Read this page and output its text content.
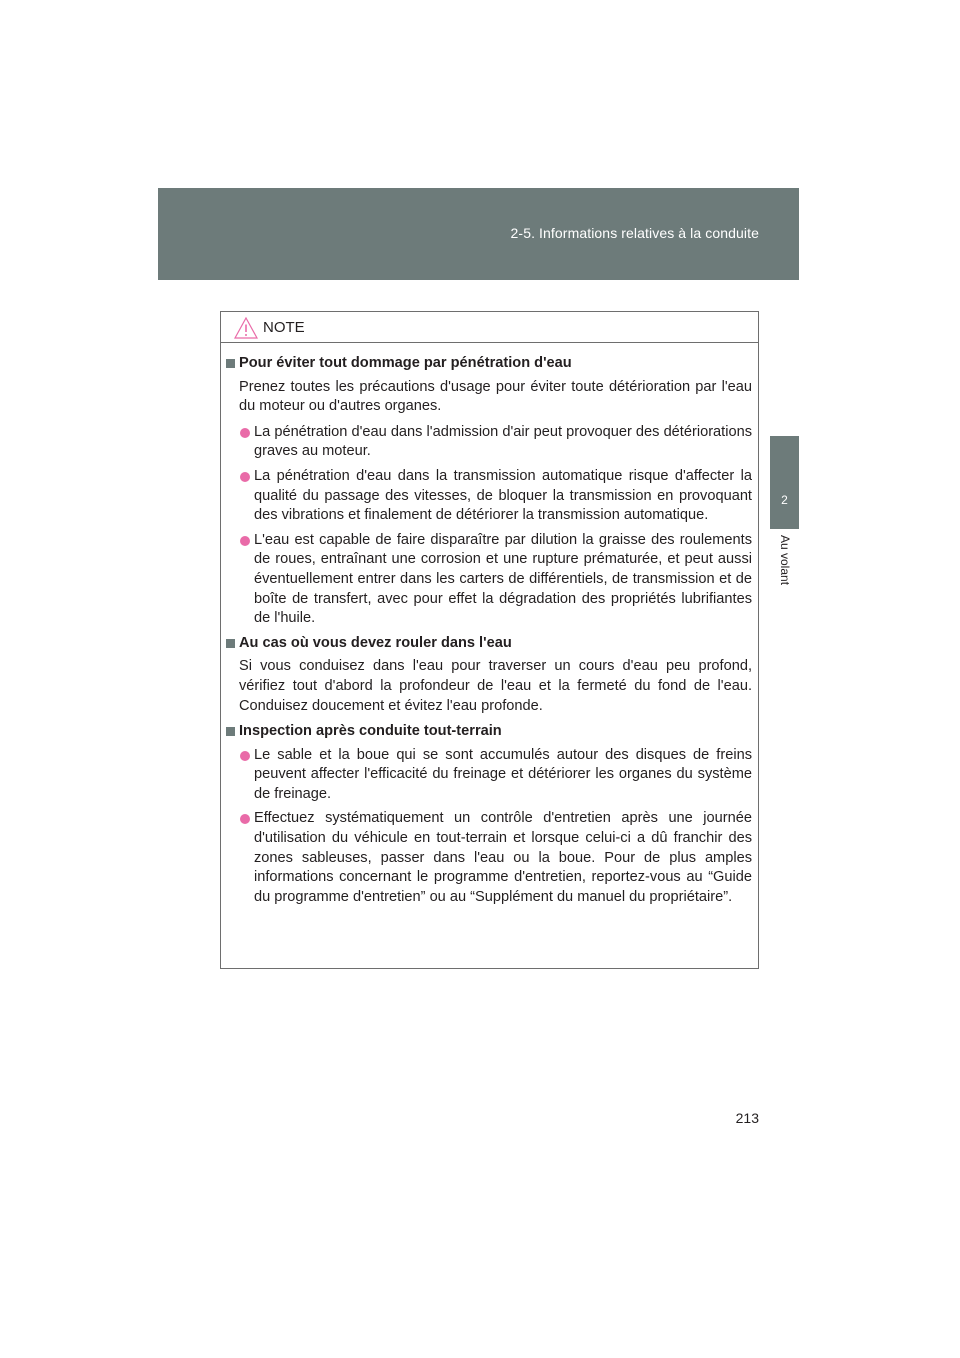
2-5. Informations relatives à la conduite
2
Au volant
NOTE
Pour éviter tout dommage par pénétration d'eau
Prenez toutes les précautions d'usage pour éviter toute détérioration par l'eau du moteur ou d'autres organes.
La pénétration d'eau dans l'admission d'air peut provoquer des détériorations graves au moteur.
La pénétration d'eau dans la transmission automatique risque d'affecter la qualité du passage des vitesses, de bloquer la transmission en provoquant des vibrations et finalement de détériorer la transmission automatique.
L'eau est capable de faire disparaître par dilution la graisse des roulements de roues, entraînant une corrosion et une rupture prématurée, et peut aussi éventuellement entrer dans les carters de différentiels, de transmission et de boîte de transfert, avec pour effet la dégradation des propriétés lubrifiantes de l'huile.
Au cas où vous devez rouler dans l'eau
Si vous conduisez dans l'eau pour traverser un cours d'eau peu profond, vérifiez tout d'abord la profondeur de l'eau et la fermeté du fond de l'eau. Conduisez doucement et évitez l'eau profonde.
Inspection après conduite tout-terrain
Le sable et la boue qui se sont accumulés autour des disques de freins peuvent affecter l'efficacité du freinage et détériorer les organes du système de freinage.
Effectuez systématiquement un contrôle d'entretien après une journée d'utilisation du véhicule en tout-terrain et lorsque celui-ci a dû franchir des zones sableuses, passer dans l'eau ou la boue. Pour de plus amples informations concernant le programme d'entretien, reportez-vous au “Guide du programme d'entretien” ou au “Supplément du manuel du propriétaire”.
213
